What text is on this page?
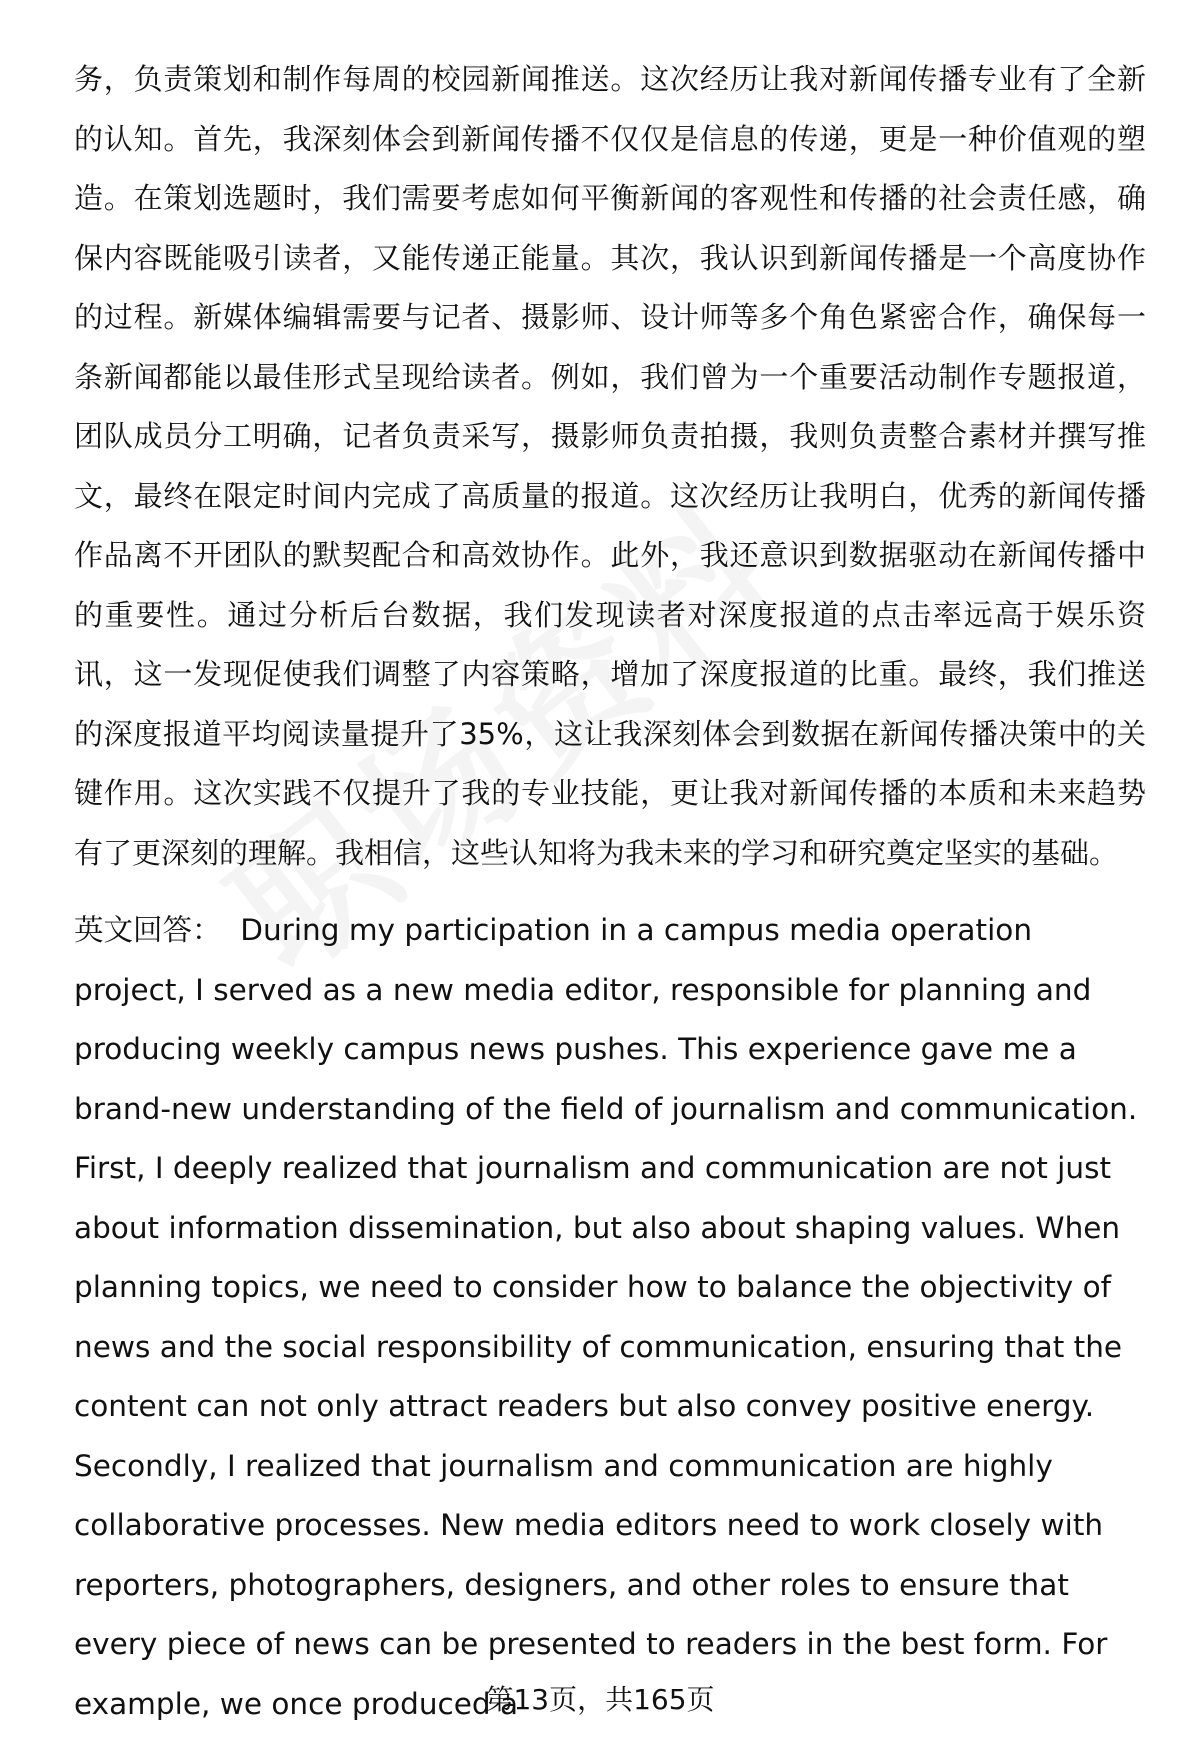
务，负责策划和制作每周的校园新闻推送。这次经历让我对新闻传播专业有了全新的认知。首先，我深刻体会到新闻传播不仅仅是信息的传递，更是一种价值观的塑造。在策划选题时，我们需要考虑如何平衡新闻的客观性和传播的社会责任感，确保内容既能吸引读者，又能传递正能量。其次，我认识到新闻传播是一个高度协作的过程。新媒体编辑需要与记者、摄影师、设计师等多个角色紧密合作，确保每一条新闻都能以最佳形式呈现给读者。例如，我们曾为一个重要活动制作专题报道，团队成员分工明确，记者负责采写，摄影师负责拍摄，我则负责整合素材并撰写推文，最终在限定时间内完成了高质量的报道。这次经历让我明白，优秀的新闻传播作品离不开团队的默契配合和高效协作。此外，我还意识到数据驱动在新闻传播中的重要性。通过分析后台数据，我们发现读者对深度报道的点击率远高于娱乐资讯，这一发现促使我们调整了内容策略，增加了深度报道的比重。最终，我们推送的深度报道平均阅读量提升了35%，这让我深刻体会到数据在新闻传播决策中的关键作用。这次实践不仅提升了我的专业技能，更让我对新闻传播的本质和未来趋势有了更深刻的理解。我相信，这些认知将为我未来的学习和研究奠定坚实的基础。

英文回答： During my participation in a campus media operation project, I served as a new media editor, responsible for planning and producing weekly campus news pushes. This experience gave me a brand-new understanding of the field of journalism and communication. First, I deeply realized that journalism and communication are not just about information dissemination, but also about shaping values. When planning topics, we need to consider how to balance the objectivity of news and the social responsibility of communication, ensuring that the content can not only attract readers but also convey positive energy. Secondly, I realized that journalism and communication are highly collaborative processes. New media editors need to work closely with reporters, photographers, designers, and other roles to ensure that every piece of news can be presented to readers in the best form. For example, we once produced a

第13页，共165页
